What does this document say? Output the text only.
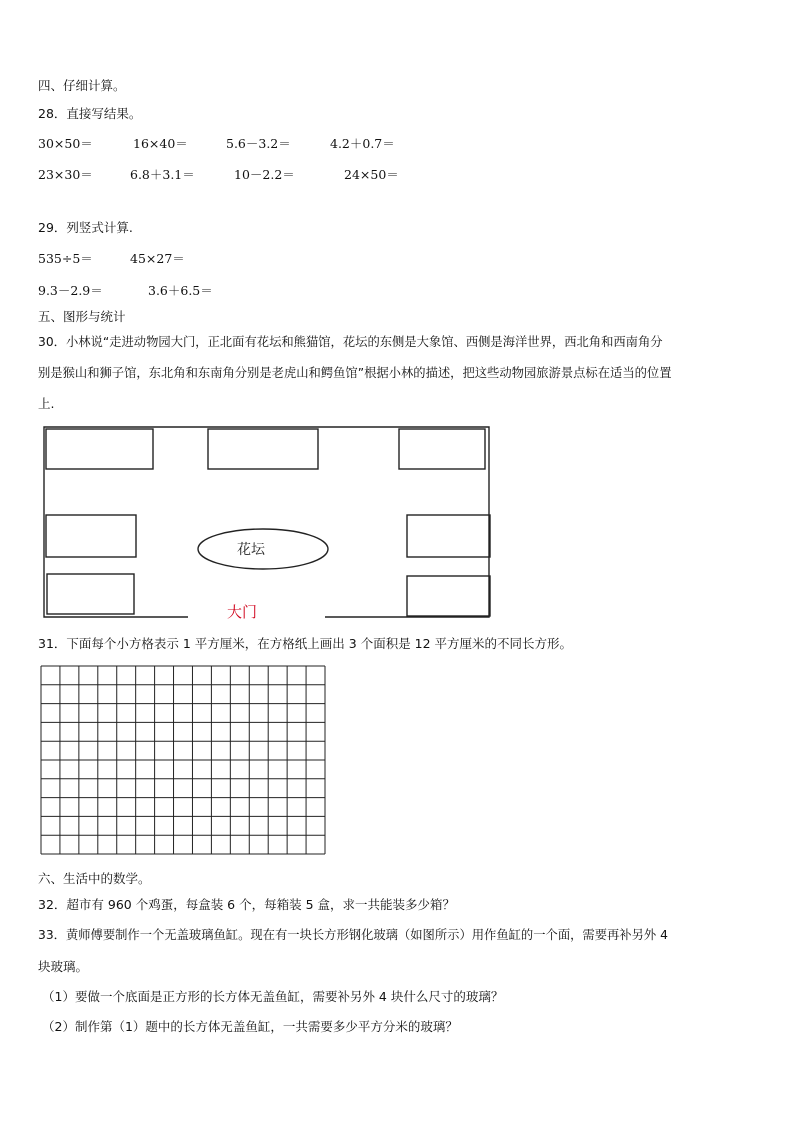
四、仔细计算。
28．直接写结果。
30×50＝	16×40＝	5.6－3.2＝	4.2＋0.7＝
23×30＝	6.8＋3.1＝	10－2.2＝	24×50＝
29．列竖式计算.
535÷5＝	45×27＝
9.3－2.9＝	3.6＋6.5＝
五、图形与统计
30．小林说“走进动物园大门，正北面有花坛和熊猫馆，花坛的东侧是大象馆、西侧是海洋世界，西北角和西南角分
别是猴山和狮子馆，东北角和东南角分别是老虎山和鳄鱼馆”根据小林的描述，把这些动物园旅游景点标在适当的位置
上.
花坛
大门
31．下面每个小方格表示 1 平方厘米，在方格纸上画出 3 个面积是 12 平方厘米的不同长方形。
六、生活中的数学。
32．超市有 960 个鸡蛋，每盒装 6 个，每箱装 5 盒，求一共能装多少箱？
33．黄师傅要制作一个无盖玻璃鱼缸。现在有一块长方形钢化玻璃（如图所示）用作鱼缸的一个面，需要再补另外 4
块玻璃。
（1）要做一个底面是正方形的长方体无盖鱼缸，需要补另外 4 块什么尺寸的玻璃？
（2）制作第（1）题中的长方体无盖鱼缸，一共需要多少平方分米的玻璃？
